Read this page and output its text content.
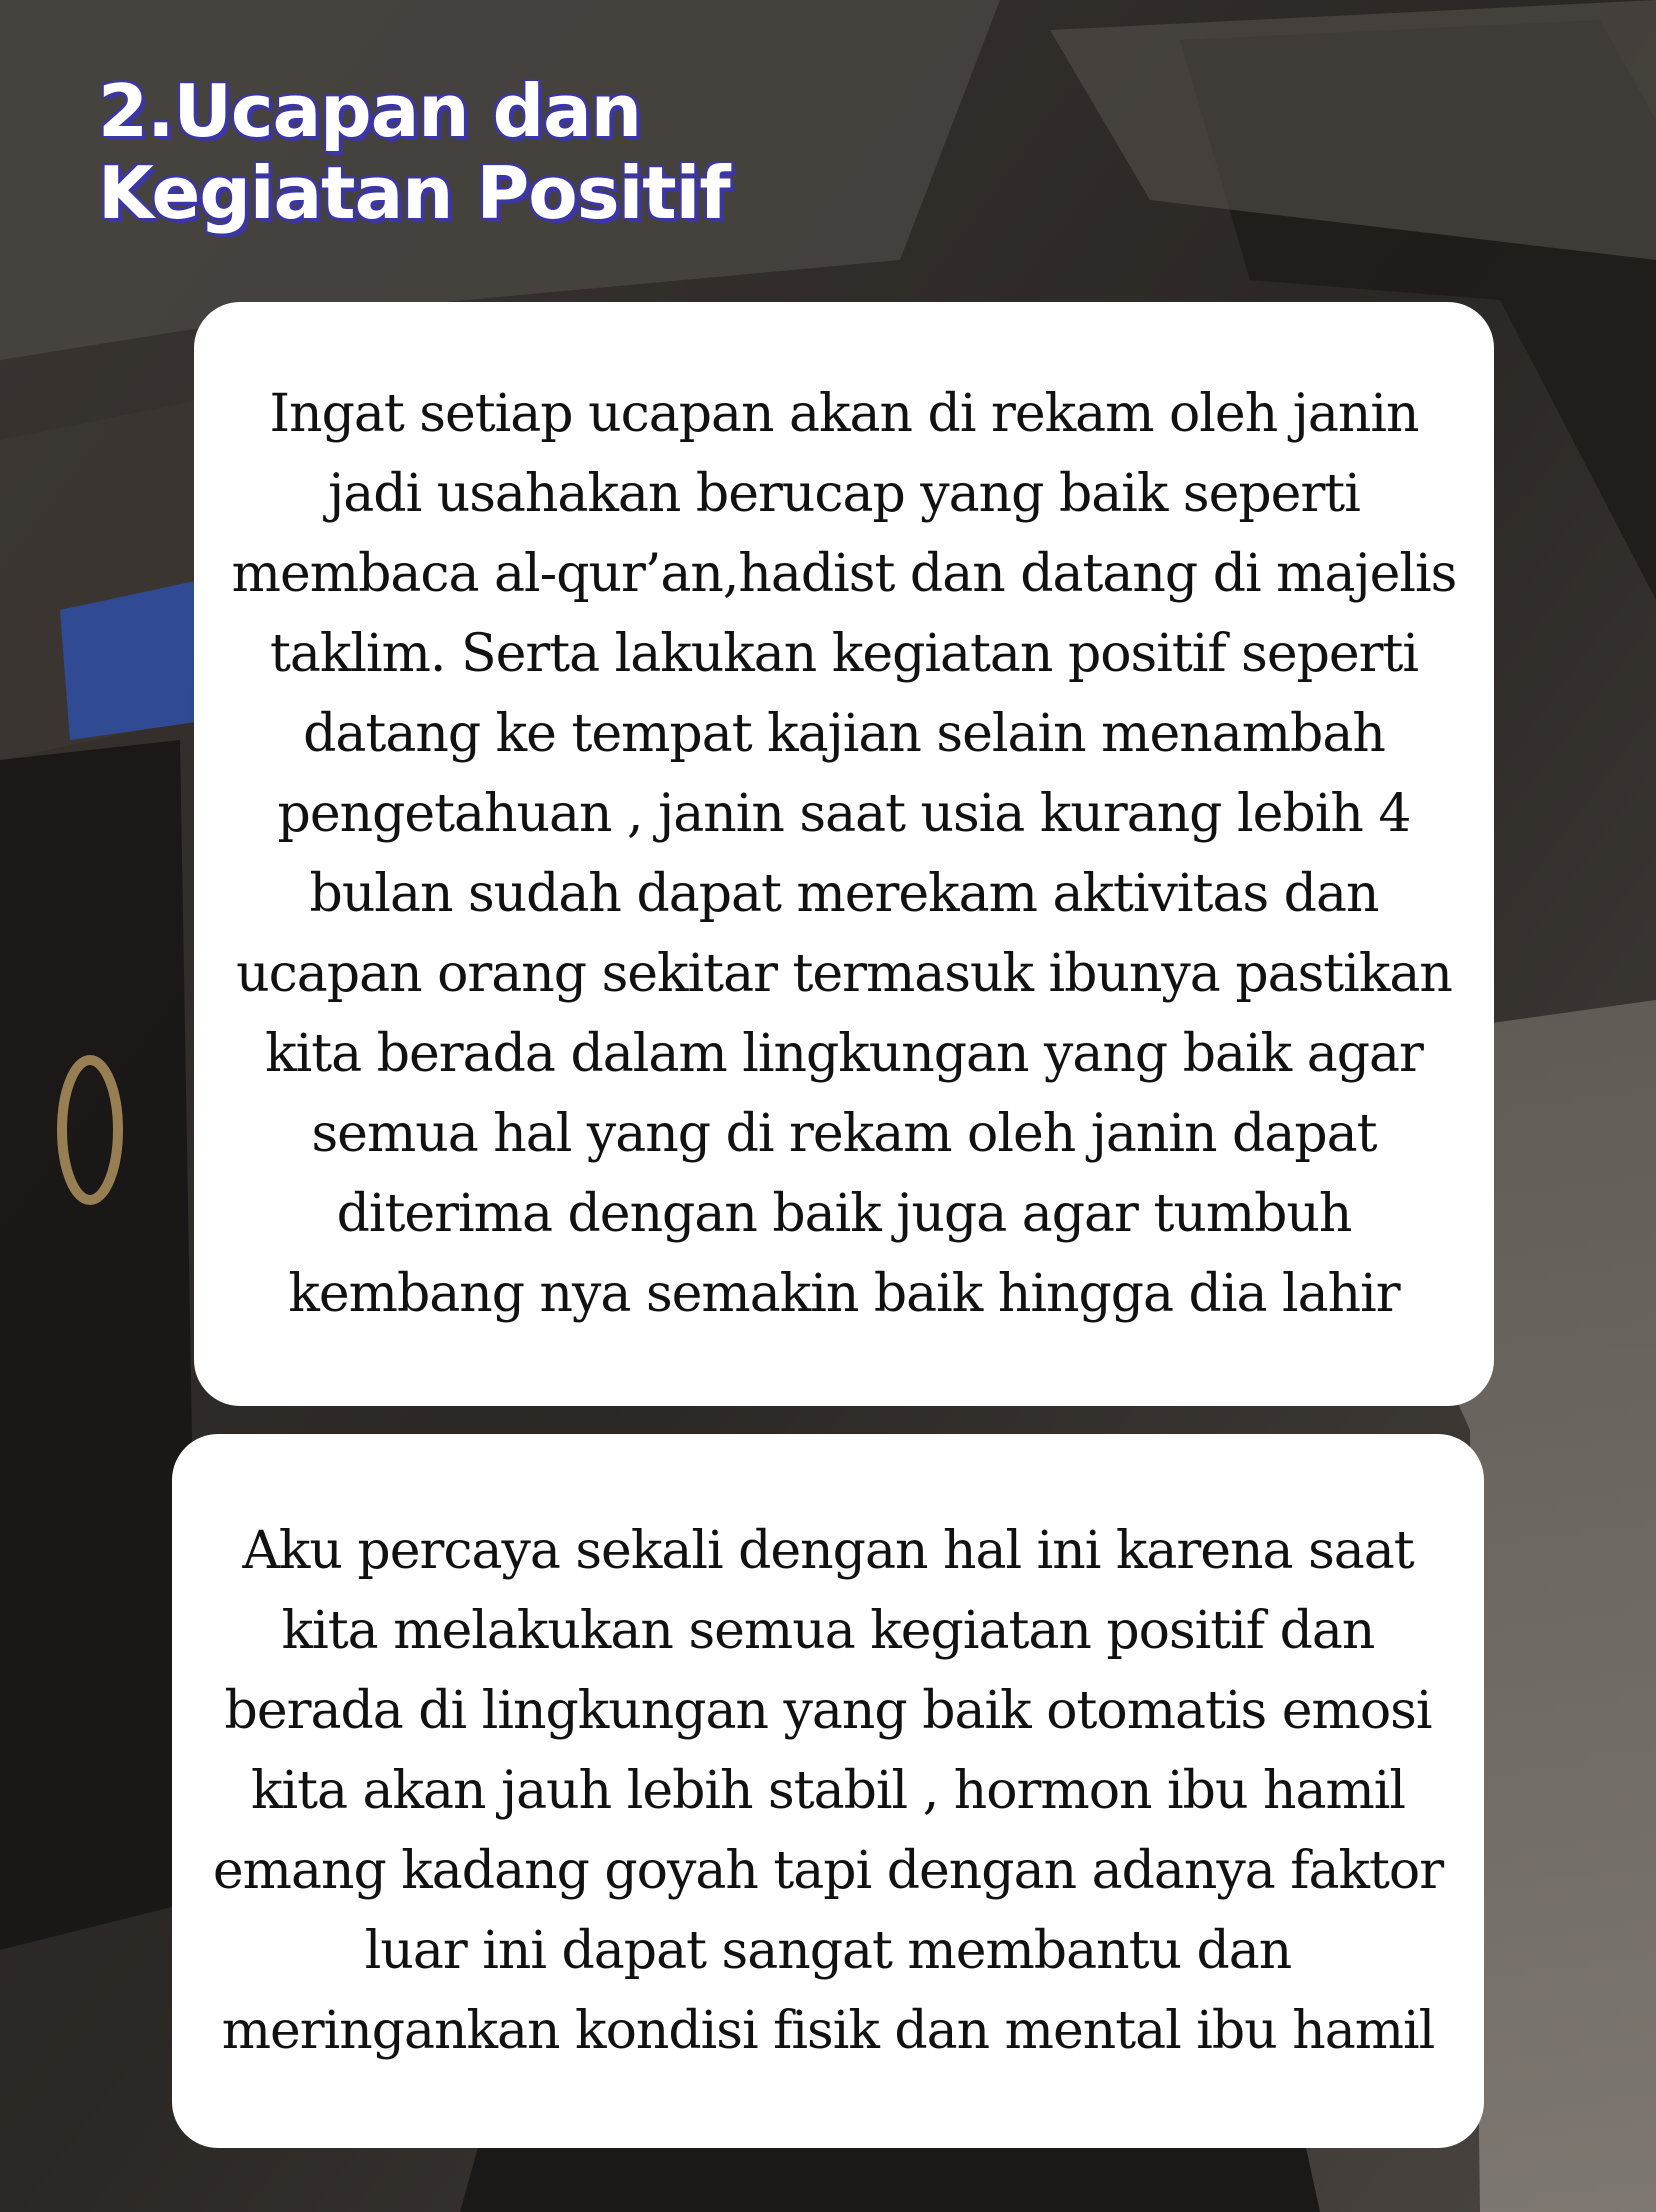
2.Ucapan dan
Kegiatan Positif

Ingat setiap ucapan akan di rekam oleh janin jadi usahakan berucap yang baik seperti membaca al-qur’an,hadist dan datang di majelis taklim. Serta lakukan kegiatan positif seperti datang ke tempat kajian selain menambah pengetahuan , janin saat usia kurang lebih 4 bulan sudah dapat merekam aktivitas dan ucapan orang sekitar termasuk ibunya pastikan kita berada dalam lingkungan yang baik agar semua hal yang di rekam oleh janin dapat diterima dengan baik juga agar tumbuh kembang nya semakin baik hingga dia lahir

Aku percaya sekali dengan hal ini karena saat kita melakukan semua kegiatan positif dan berada di lingkungan yang baik otomatis emosi kita akan jauh lebih stabil , hormon ibu hamil emang kadang goyah tapi dengan adanya faktor luar ini dapat sangat membantu dan meringankan kondisi fisik dan mental ibu hamil
